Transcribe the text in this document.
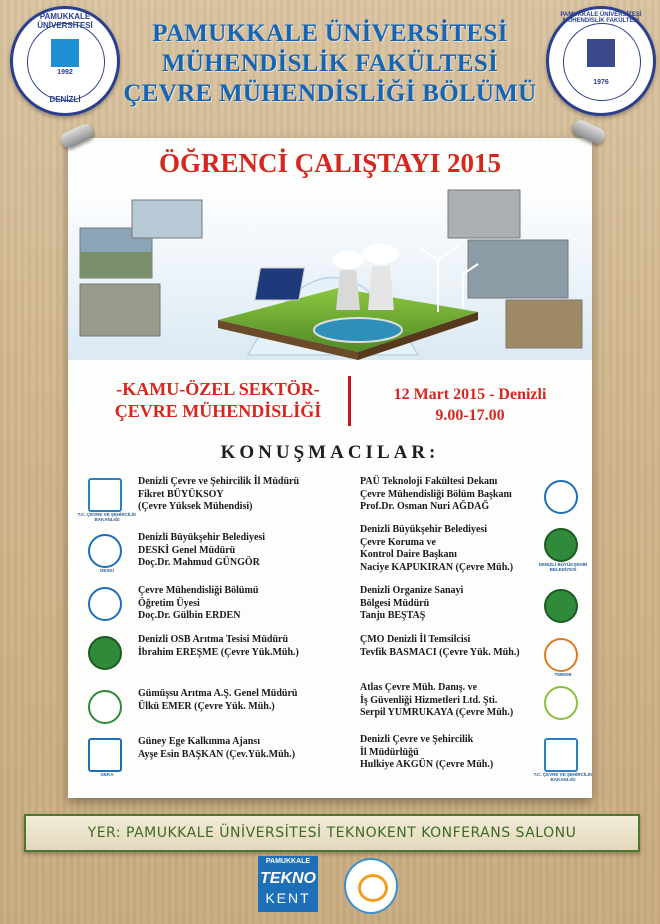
PAMUKKALE ÜNİVERSİTESİ
1992
DENİZLİ
PAMUKKALE ÜNİVERSİTESİ
MÜHENDİSLİK FAKÜLTESİ
ÇEVRE MÜHENDİSLİĞİ BÖLÜMÜ
PAMUKKALE ÜNİVERSİTESİ MÜHENDİSLİK FAKÜLTESİ
1976
ÖĞRENCİ ÇALIŞTAYI 2015
-KAMU-ÖZEL SEKTÖR-
ÇEVRE MÜHENDİSLİĞİ
12 Mart 2015 - Denizli
9.00-17.00
KONUŞMACILAR:
Denizli Çevre ve Şehircilik İl Müdürü
Fikret BÜYÜKSOY
(Çevre Yüksek Mühendisi)
T.C. ÇEVRE VE ŞEHİRCİLİK BAKANLIĞI
Denizli Büyükşehir Belediyesi
DESKİ Genel Müdürü
Doç.Dr. Mahmud GÜNGÖR
DESKİ
Çevre Mühendisliği Bölümü
Öğretim Üyesi
Doç.Dr. Gülbin ERDEN
Denizli OSB Arıtma Tesisi Müdürü
İbrahim EREŞME (Çevre Yük.Müh.)
Gümüşsu Arıtma A.Ş. Genel Müdürü
Ülkü EMER (Çevre Yük. Müh.)
Güney Ege Kalkınma Ajansı
Ayşe Esin BAŞKAN (Çev.Yük.Müh.)
GEKA
PAÜ Teknoloji Fakültesi Dekanı
Çevre Mühendisliği Bölüm Başkanı
Prof.Dr. Osman Nuri AĞDAĞ
Denizli Büyükşehir Belediyesi
Çevre Koruma ve
Kontrol Daire Başkanı
Naciye KAPUKIRAN (Çevre Müh.)	DENİZLİ BÜYÜKŞEHİR BELEDİYESİ
Denizli Organize Sanayi
Bölgesi Müdürü
Tanju BEŞTAŞ
ÇMO Denizli İl Temsilcisi
Tevfik BASMACI (Çevre Yük. Müh.)
TMMOB
Atlas Çevre Müh. Danış. ve
İş Güvenliği Hizmetleri Ltd. Şti.
Serpil YUMRUKAYA (Çevre Müh.)
Denizli Çevre ve Şehircilik
İl Müdürlüğü
Hulkiye AKGÜN (Çevre Müh.)
T.C. ÇEVRE VE ŞEHİRCİLİK BAKANLIĞI
YER: PAMUKKALE ÜNİVERSİTESİ TEKNOKENT KONFERANS SALONU
PAMUKKALE
TEKNO
KENT
